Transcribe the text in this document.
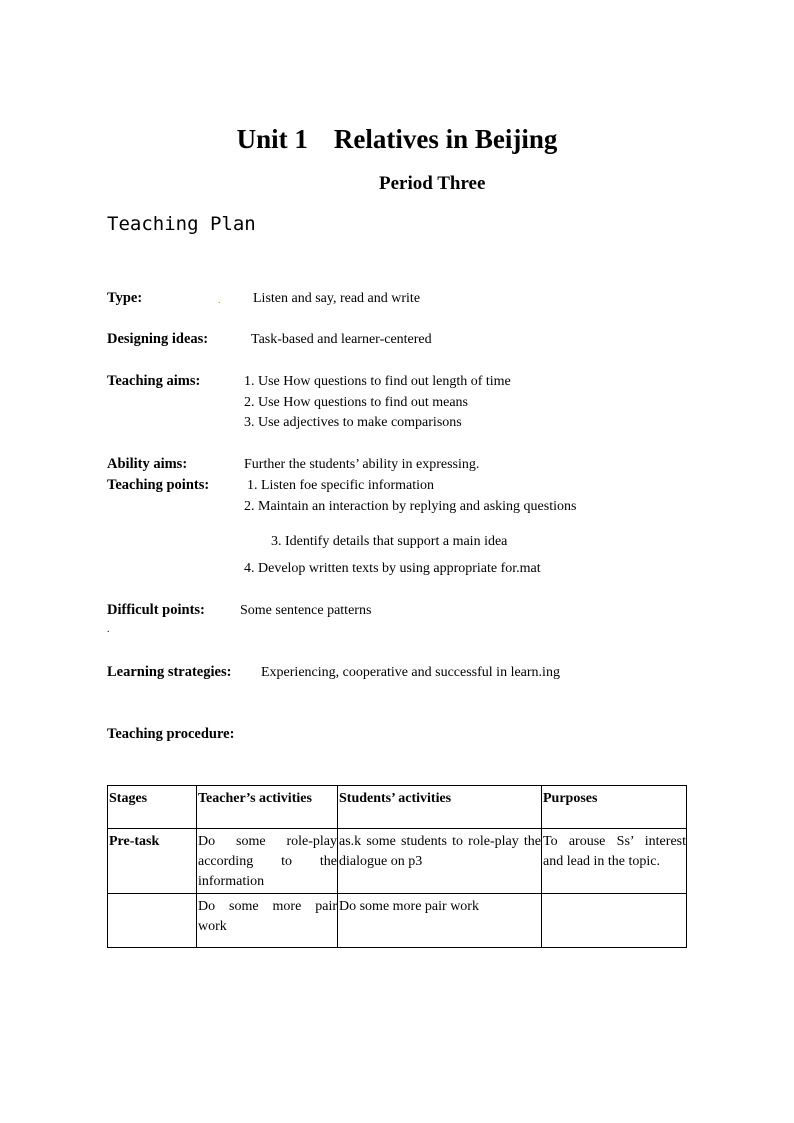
Unit 1 Relatives in Beijing
Period Three
Teaching Plan
Type:	. Listen and say, read and write
Designing ideas:	Task-based and learner-centered
Teaching aims:	1. Use How questions to find out length of time
2. Use How questions to find out means
3. Use adjectives to make comparisons
Ability aims:	Further the students’ ability in expressing.
Teaching points:	1. Listen foe specific information
2. Maintain an interaction by replying and asking questions
3. Identify details that support a main idea
4. Develop written texts by using appropriate for.mat
Difficult points:	Some sentence patterns
.
Learning strategies: Experiencing, cooperative and successful in learn.ing
Teaching procedure:
Stages	Teacher’s activities	Students’ activities	Purposes
Pre-task	Do some role-play according to the information	as.k some students to role-play the dialogue on p3	To arouse Ss’ interest and lead in the topic.
	Do some more pair work	Do some more pair work	
